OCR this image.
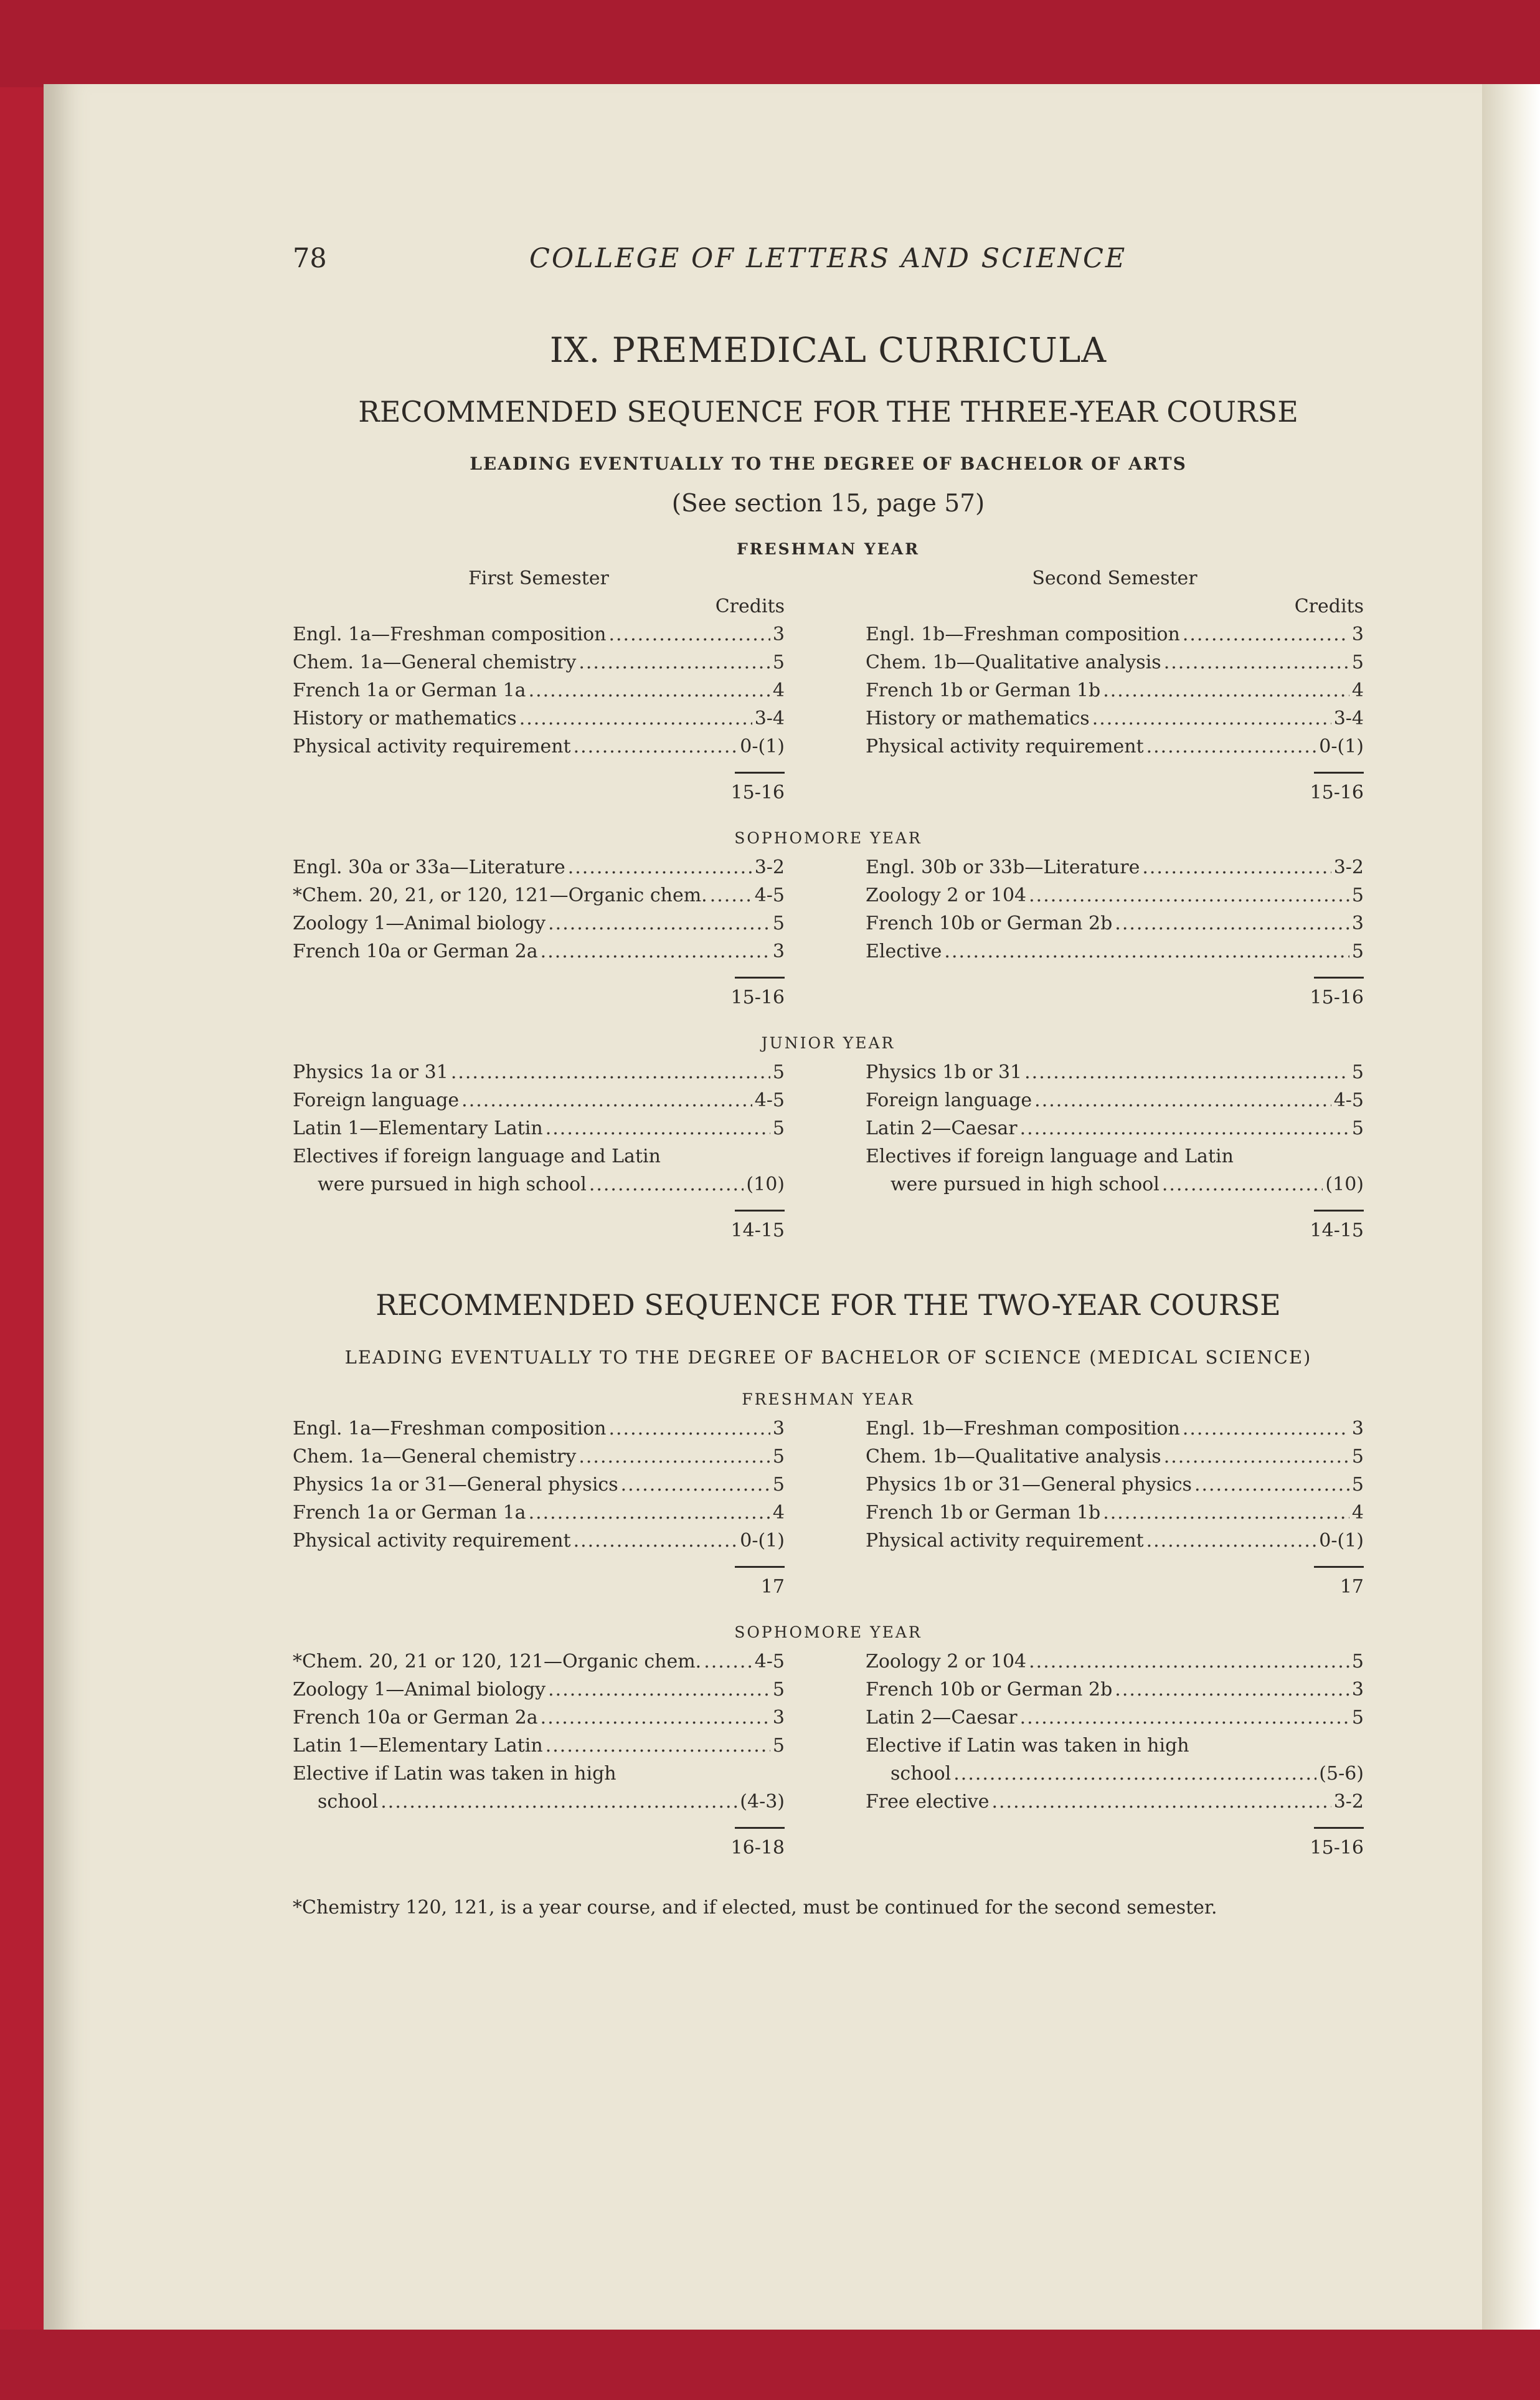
78	COLLEGE OF LETTERS AND SCIENCE
IX. PREMEDICAL CURRICULA
RECOMMENDED SEQUENCE FOR THE THREE-YEAR COURSE
LEADING EVENTUALLY TO THE DEGREE OF BACHELOR OF ARTS
(See section 15, page 57)
FRESHMAN YEAR
First Semester
Credits
Engl. 1a—Freshman composition .....	3
Chem. 1a—General chemistry .....	5
French 1a or German 1a .....	4
History or mathematics .....	3-4
Physical activity requirement .....	0-(1)
15-16
Second Semester
Credits
Engl. 1b—Freshman composition .....	3
Chem. 1b—Qualitative analysis .....	5
French 1b or German 1b .....	4
History or mathematics .....	3-4
Physical activity requirement .....	0-(1)
15-16
SOPHOMORE YEAR
Engl. 30a or 33a—Literature .....	3-2
*Chem. 20, 21, or 120, 121—Organic chem. .....	4-5
Zoology 1—Animal biology .....	5
French 10a or German 2a .....	3
15-16
Engl. 30b or 33b—Literature .....	3-2
Zoology 2 or 104 .....	5
French 10b or German 2b .....	3
Elective .....	5
15-16
JUNIOR YEAR
Physics 1a or 31 .....	5
Foreign language .....	4-5
Latin 1—Elementary Latin .....	5
Electives if foreign language and Latin
were pursued in high school .....	(10)
14-15
Physics 1b or 31 .....	5
Foreign language .....	4-5
Latin 2—Caesar .....	5
Electives if foreign language and Latin
were pursued in high school .....	(10)
14-15
RECOMMENDED SEQUENCE FOR THE TWO-YEAR COURSE
LEADING EVENTUALLY TO THE DEGREE OF BACHELOR OF SCIENCE (MEDICAL SCIENCE)
FRESHMAN YEAR
Engl. 1a—Freshman composition .....	3
Chem. 1a—General chemistry .....	5
Physics 1a or 31—General physics .....	5
French 1a or German 1a .....	4
Physical activity requirement .....	0-(1)
17
Engl. 1b—Freshman composition .....	3
Chem. 1b—Qualitative analysis .....	5
Physics 1b or 31—General physics .....	5
French 1b or German 1b .....	4
Physical activity requirement .....	0-(1)
17
SOPHOMORE YEAR
*Chem. 20, 21 or 120, 121—Organic chem. .....	4-5
Zoology 1—Animal biology .....	5
French 10a or German 2a .....	3
Latin 1—Elementary Latin .....	5
Elective if Latin was taken in high
school .....	(4-3)
16-18
Zoology 2 or 104 .....	5
French 10b or German 2b .....	3
Latin 2—Caesar .....	5
Elective if Latin was taken in high
school .....	(5-6)
Free elective .....	3-2
15-16
*Chemistry 120, 121, is a year course, and if elected, must be continued for the second semester.
